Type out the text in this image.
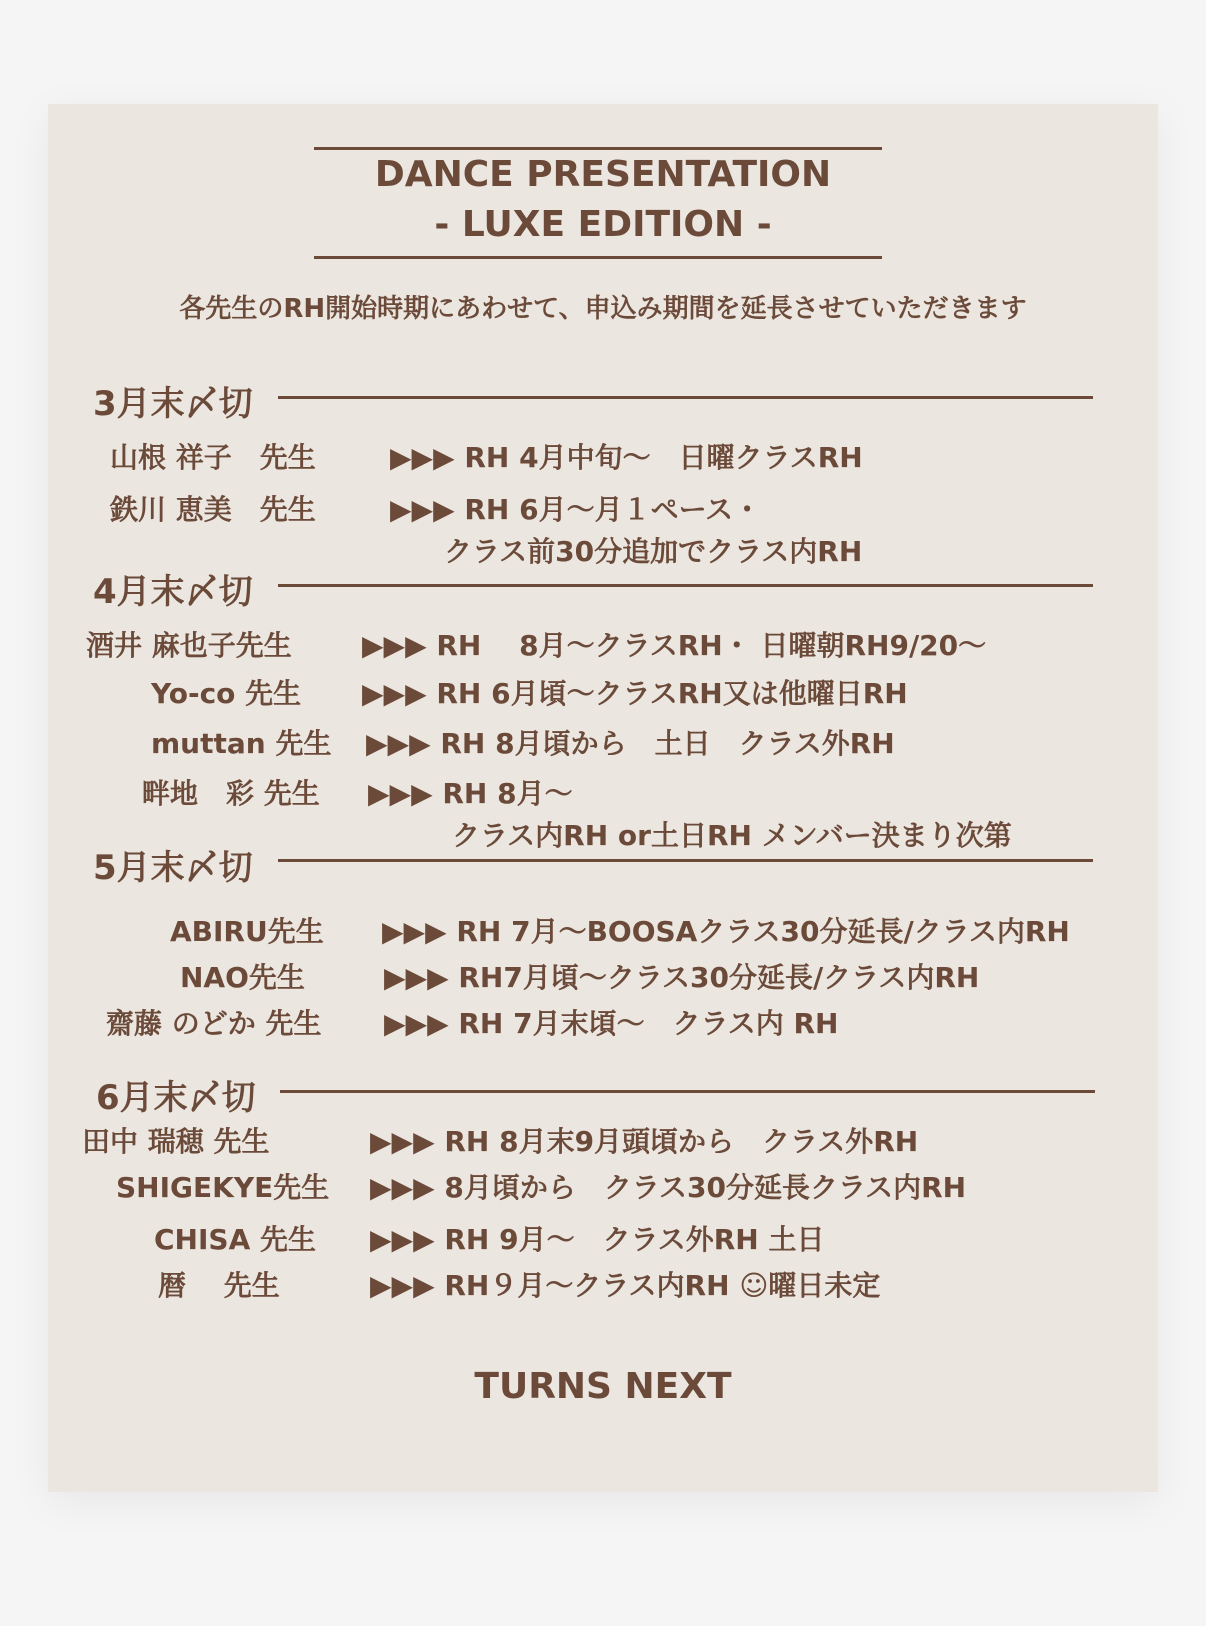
DANCE PRESENTATION
- LUXE EDITION -
各先生のRH開始時期にあわせて、申込み期間を延長させていただきます
3月末〆切
山根 祥子　先生	▶▶▶ RH 4月中旬〜　日曜クラスRH
鉄川 恵美　先生	▶▶▶ RH 6月〜月１ペース・
クラス前30分追加でクラス内RH
4月末〆切
酒井 麻也子先生	▶▶▶ RH　 8月〜クラスRH・ 日曜朝RH9/20〜
Yo-co 先生 ▶▶▶ RH 6月頃〜クラスRH又は他曜日RH
muttan 先生 ▶▶▶ RH 8月頃から　土日　クラス外RH
畔地　彩 先生 ▶▶▶ RH 8月〜
クラス内RH or土日RH メンバー決まり次第
5月末〆切
ABIRU先生 ▶▶▶ RH 7月〜BOOSAクラス30分延長/クラス内RH
NAO先生	▶▶▶ RH7月頃〜クラス30分延長/クラス内RH
齋藤 のどか 先生 ▶▶▶ RH 7月末頃〜　クラス内 RH
6月末〆切
田中 瑞穂 先生	▶▶▶ RH 8月末9月頭頃から　クラス外RH
SHIGEKYE先生 ▶▶▶ 8月頃から　クラス30分延長クラス内RH
CHISA 先生 ▶▶▶ RH 9月〜　クラス外RH 土日
暦　 先生	▶▶▶ RH９月〜クラス内RH ☺曜日未定
TURNS NEXT
